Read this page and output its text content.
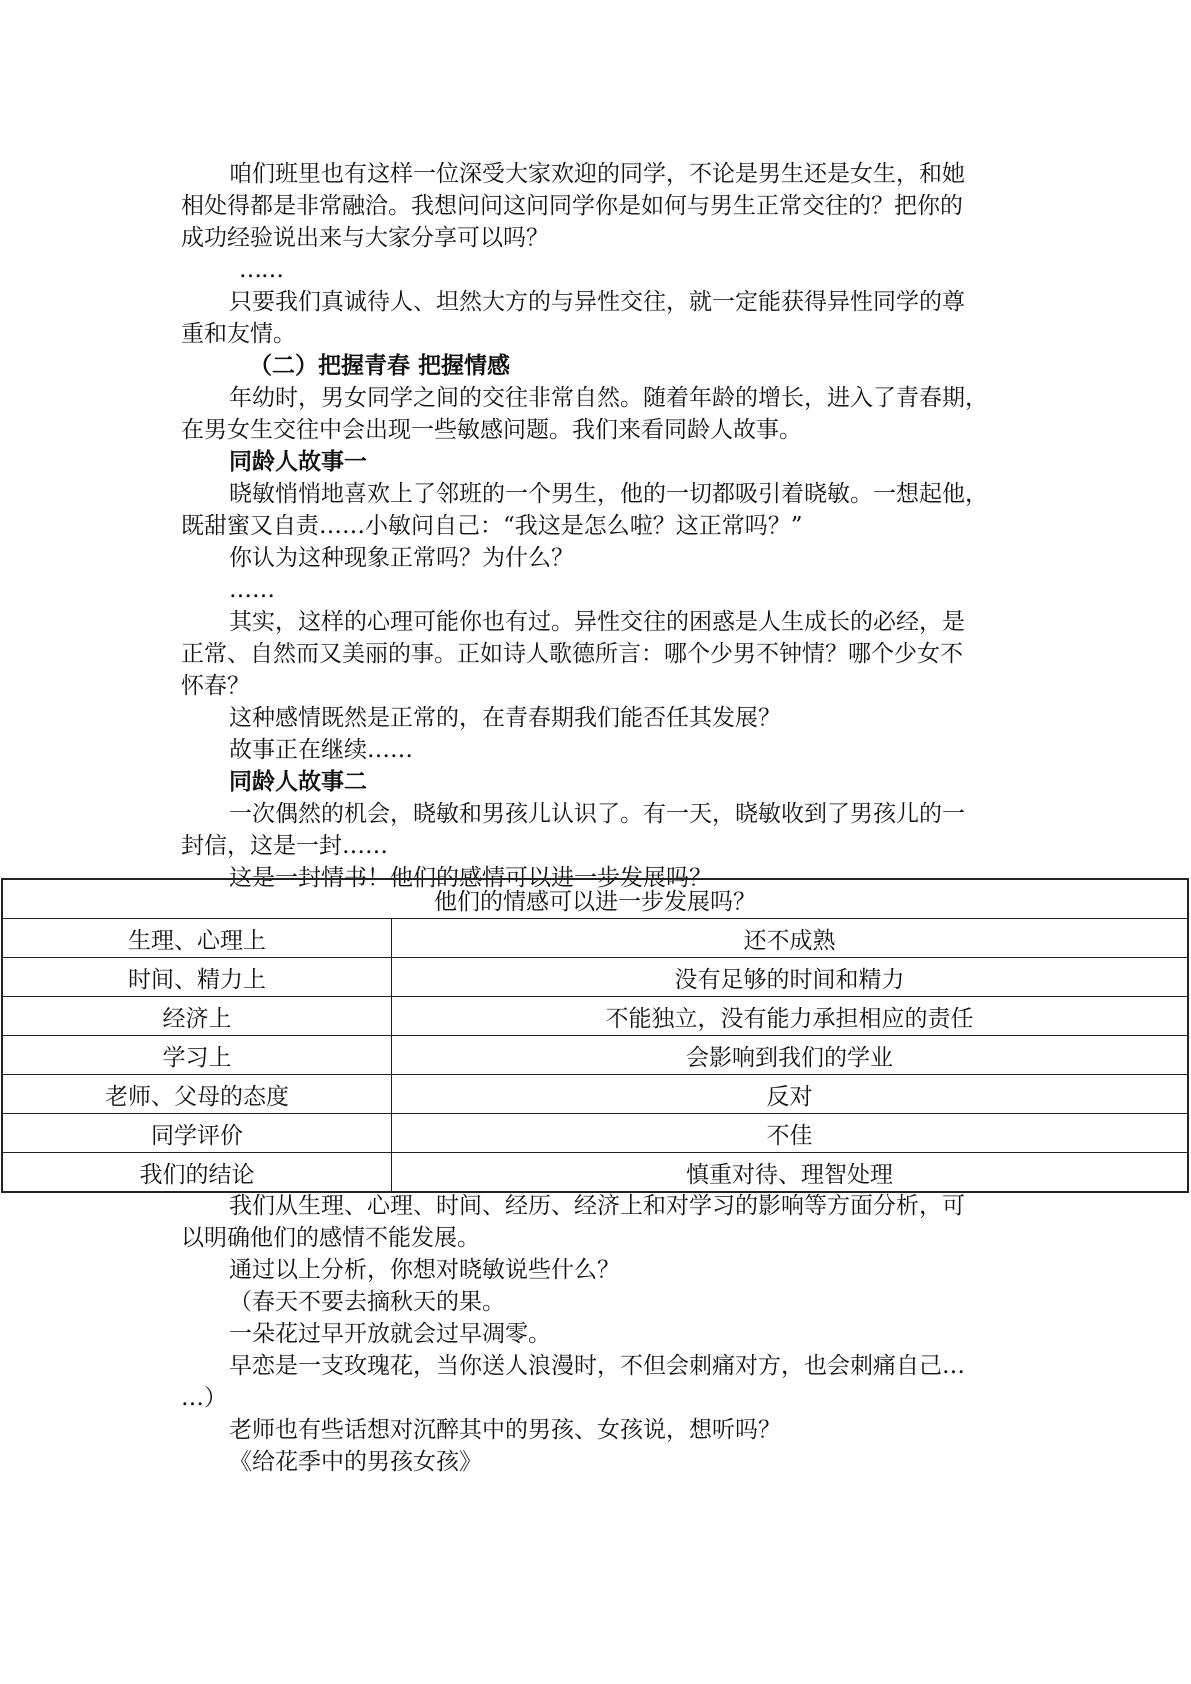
咱们班里也有这样一位深受大家欢迎的同学，不论是男生还是女生，和她
相处得都是非常融洽。我想问问这问同学你是如何与男生正常交往的？把你的
成功经验说出来与大家分享可以吗？
……
只要我们真诚待人、坦然大方的与异性交往，就一定能获得异性同学的尊
重和友情。
（二）把握青春 把握情感
年幼时，男女同学之间的交往非常自然。随着年龄的增长，进入了青春期，
在男女生交往中会出现一些敏感问题。我们来看同龄人故事。
同龄人故事一
晓敏悄悄地喜欢上了邻班的一个男生，他的一切都吸引着晓敏。一想起他，
既甜蜜又自责……小敏问自己：“我这是怎么啦？这正常吗？”
你认为这种现象正常吗？为什么？
……
其实，这样的心理可能你也有过。异性交往的困惑是人生成长的必经，是
正常、自然而又美丽的事。正如诗人歌德所言：哪个少男不钟情？哪个少女不
怀春？
这种感情既然是正常的，在青春期我们能否任其发展？
故事正在继续……
同龄人故事二
一次偶然的机会，晓敏和男孩儿认识了。有一天，晓敏收到了男孩儿的一
封信，这是一封……
这是一封情书！他们的感情可以进一步发展吗？
他们的情感可以进一步发展吗？	
生理、心理上	还不成熟
时间、精力上	没有足够的时间和精力
经济上	不能独立，没有能力承担相应的责任
学习上	会影响到我们的学业
老师、父母的态度	反对
同学评价	不佳
我们的结论	慎重对待、理智处理
我们从生理、心理、时间、经历、经济上和对学习的影响等方面分析，可
以明确他们的感情不能发展。
通过以上分析，你想对晓敏说些什么？
（春天不要去摘秋天的果。
一朵花过早开放就会过早凋零。
早恋是一支玫瑰花，当你送人浪漫时，不但会刺痛对方，也会刺痛自己…
…）
老师也有些话想对沉醉其中的男孩、女孩说，想听吗？
《给花季中的男孩女孩》
